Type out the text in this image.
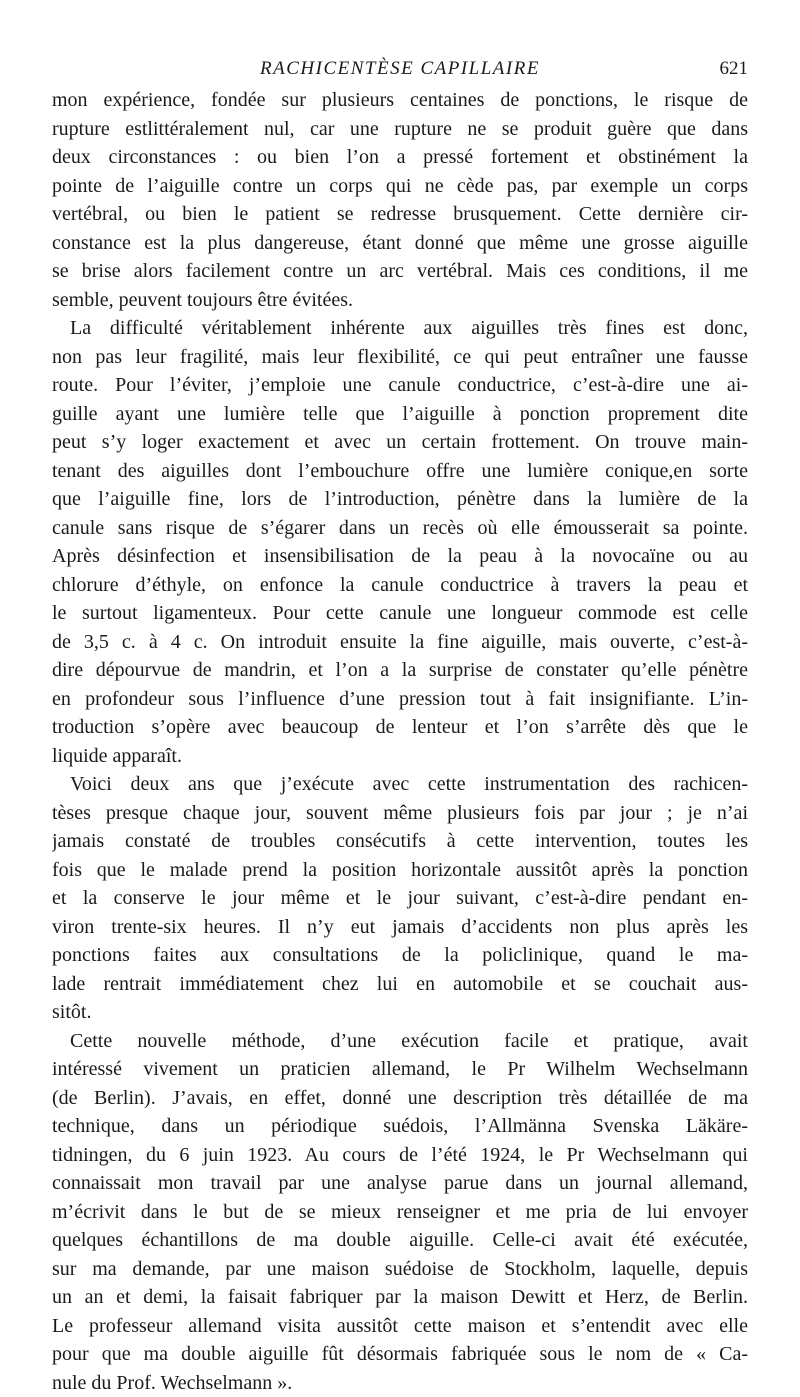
RACHICENTÈSE CAPILLAIRE	621
mon expérience, fondée sur plusieurs centaines de ponctions, le risque de
rupture estlittéralement nul, car une rupture ne se produit guère que dans
deux circonstances : ou bien l’on a pressé fortement et obstinément la
pointe de l’aiguille contre un corps qui ne cède pas, par exemple un corps
vertébral, ou bien le patient se redresse brusquement. Cette dernière cir-
constance est la plus dangereuse, étant donné que même une grosse aiguille
se brise alors facilement contre un arc vertébral. Mais ces conditions, il me
semble, peuvent toujours être évitées.
La difficulté véritablement inhérente aux aiguilles très fines est donc,
non pas leur fragilité, mais leur flexibilité, ce qui peut entraîner une fausse
route. Pour l’éviter, j’emploie une canule conductrice, c’est-à-dire une ai-
guille ayant une lumière telle que l’aiguille à ponction proprement dite
peut s’y loger exactement et avec un certain frottement. On trouve main-
tenant des aiguilles dont l’embouchure offre une lumière conique,en sorte
que l’aiguille fine, lors de l’introduction, pénètre dans la lumière de la
canule sans risque de s’égarer dans un recès où elle émousserait sa pointe.
Après désinfection et insensibilisation de la peau à la novocaïne ou au
chlorure d’éthyle, on enfonce la canule conductrice à travers la peau et
le surtout ligamenteux. Pour cette canule une longueur commode est celle
de 3,5 c. à 4 c. On introduit ensuite la fine aiguille, mais ouverte, c’est-à-
dire dépourvue de mandrin, et l’on a la surprise de constater qu’elle pénètre
en profondeur sous l’influence d’une pression tout à fait insignifiante. L’in-
troduction s’opère avec beaucoup de lenteur et l’on s’arrête dès que le
liquide apparaît.
Voici deux ans que j’exécute avec cette instrumentation des rachicen-
tèses presque chaque jour, souvent même plusieurs fois par jour ; je n’ai
jamais constaté de troubles consécutifs à cette intervention, toutes les
fois que le malade prend la position horizontale aussitôt après la ponction
et la conserve le jour même et le jour suivant, c’est-à-dire pendant en-
viron trente-six heures. Il n’y eut jamais d’accidents non plus après les
ponctions faites aux consultations de la policlinique, quand le ma-
lade rentrait immédiatement chez lui en automobile et se couchait aus-
sitôt.
Cette nouvelle méthode, d’une exécution facile et pratique, avait
intéressé vivement un praticien allemand, le Pr Wilhelm Wechselmann
(de Berlin). J’avais, en effet, donné une description très détaillée de ma
technique, dans un périodique suédois, l’Allmänna Svenska Läkäre-
tidningen, du 6 juin 1923. Au cours de l’été 1924, le Pr Wechselmann qui
connaissait mon travail par une analyse parue dans un journal allemand,
m’écrivit dans le but de se mieux renseigner et me pria de lui envoyer
quelques échantillons de ma double aiguille. Celle-ci avait été exécutée,
sur ma demande, par une maison suédoise de Stockholm, laquelle, depuis
un an et demi, la faisait fabriquer par la maison Dewitt et Herz, de Berlin.
Le professeur allemand visita aussitôt cette maison et s’entendit avec elle
pour que ma double aiguille fût désormais fabriquée sous le nom de « Ca-
nule du Prof. Wechselmann ».
